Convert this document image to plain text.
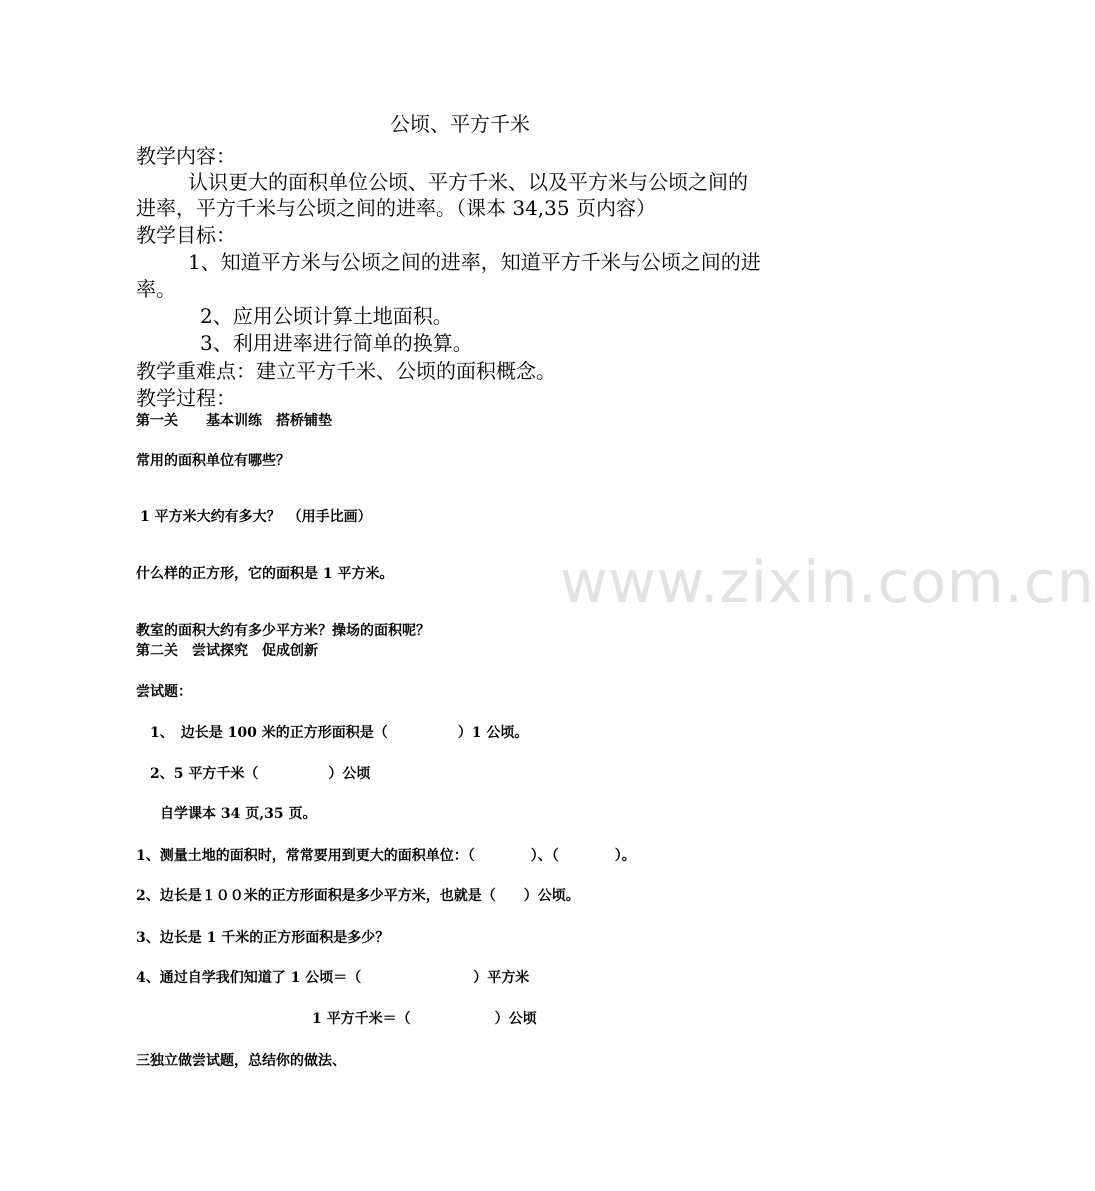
www.zixin.com.cn

公顷、平方千米

教学内容：

认识更大的面积单位公顷、平方千米、以及平方米与公顷之间的

进率，平方千米与公顷之间的进率。（课本 34,35 页内容）

教学目标：

1、知道平方米与公顷之间的进率，知道平方千米与公顷之间的进

率。

2、应用公顷计算土地面积。

3、利用进率进行简单的换算。

教学重难点：建立平方千米、公顷的面积概念。

教学过程：

第一关　　基本训练　搭桥铺垫

常用的面积单位有哪些？

1 平方米大约有多大？　（用手比画）

什么样的正方形，它的面积是 1 平方米。

教室的面积大约有多少平方米？操场的面积呢？

第二关　尝试探究　促成创新

尝试题：

1、　边长是 100 米的正方形面积是（　　　　　）1 公顷。

2、5 平方千米（　　　　　）公顷

自学课本 34 页,35 页。

1、测量土地的面积时，常常要用到更大的面积单位：（　　　　）、（　　　　）。

2、边长是１００米的正方形面积是多少平方米，也就是（　　）公顷。

3、边长是 1 千米的正方形面积是多少？

4、通过自学我们知道了 1 公顷＝（　　　　　　　　）平方米

1 平方千米＝（　　　　　　）公顷

三独立做尝试题，总结你的做法、
